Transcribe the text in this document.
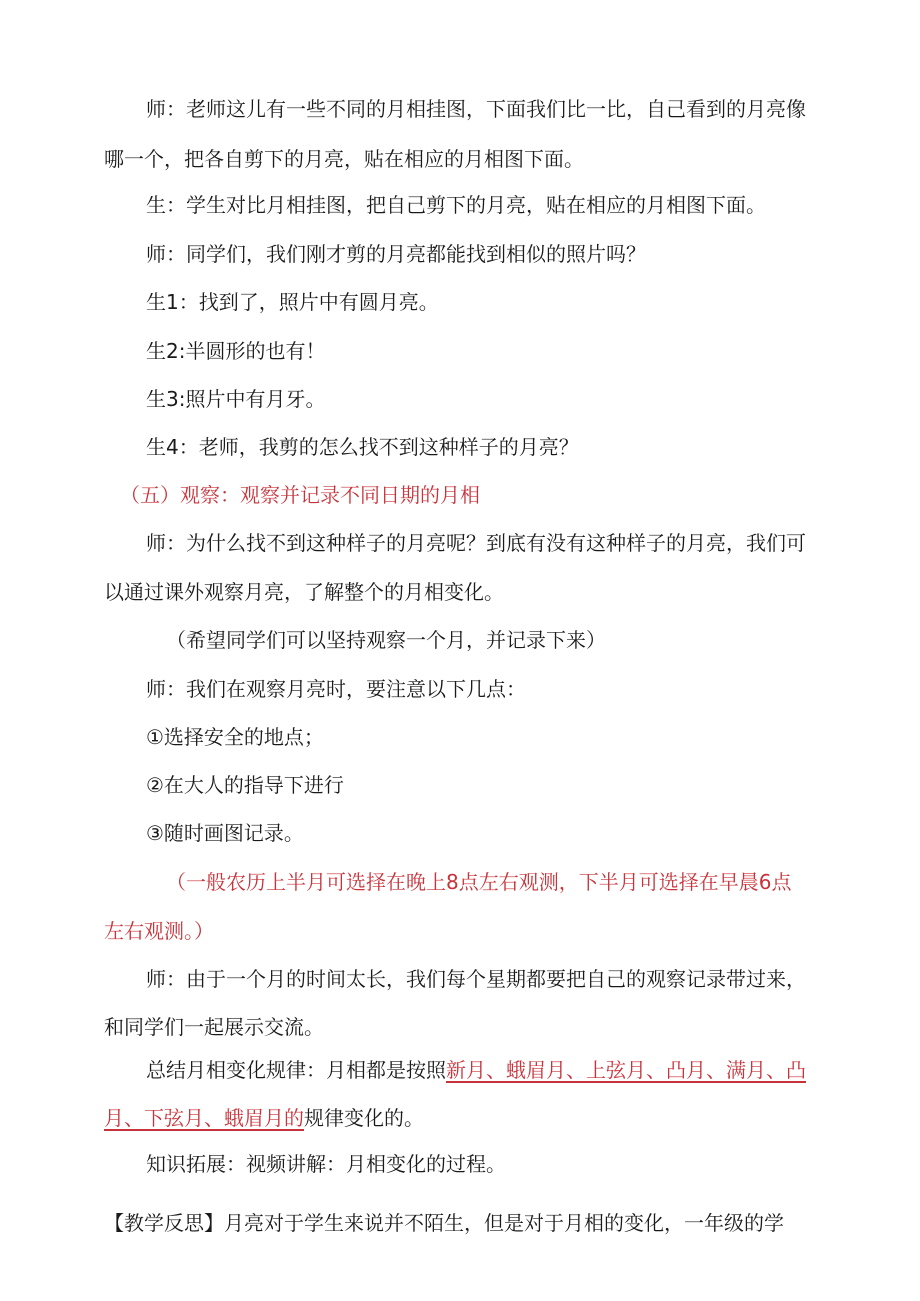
师：老师这儿有一些不同的月相挂图，下面我们比一比，自己看到的月亮像

哪一个，把各自剪下的月亮，贴在相应的月相图下面。

生：学生对比月相挂图，把自己剪下的月亮，贴在相应的月相图下面。

师：同学们，我们刚才剪的月亮都能找到相似的照片吗？

生1：找到了，照片中有圆月亮。

生2:半圆形的也有！

生3:照片中有月牙。

生4：老师，我剪的怎么找不到这种样子的月亮？

（五）观察：观察并记录不同日期的月相

师：为什么找不到这种样子的月亮呢？到底有没有这种样子的月亮，我们可

以通过课外观察月亮，了解整个的月相变化。

（希望同学们可以坚持观察一个月，并记录下来）

师：我们在观察月亮时，要注意以下几点：

①选择安全的地点；

②在大人的指导下进行

③随时画图记录。

（一般农历上半月可选择在晚上8点左右观测，下半月可选择在早晨6点

左右观测。）

师：由于一个月的时间太长，我们每个星期都要把自己的观察记录带过来，

和同学们一起展示交流。

总结月相变化规律：月相都是按照新月、蛾眉月、上弦月、凸月、满月、凸

月、下弦月、蛾眉月的规律变化的。

知识拓展：视频讲解：月相变化的过程。

【教学反思】月亮对于学生来说并不陌生，但是对于月相的变化，一年级的学
